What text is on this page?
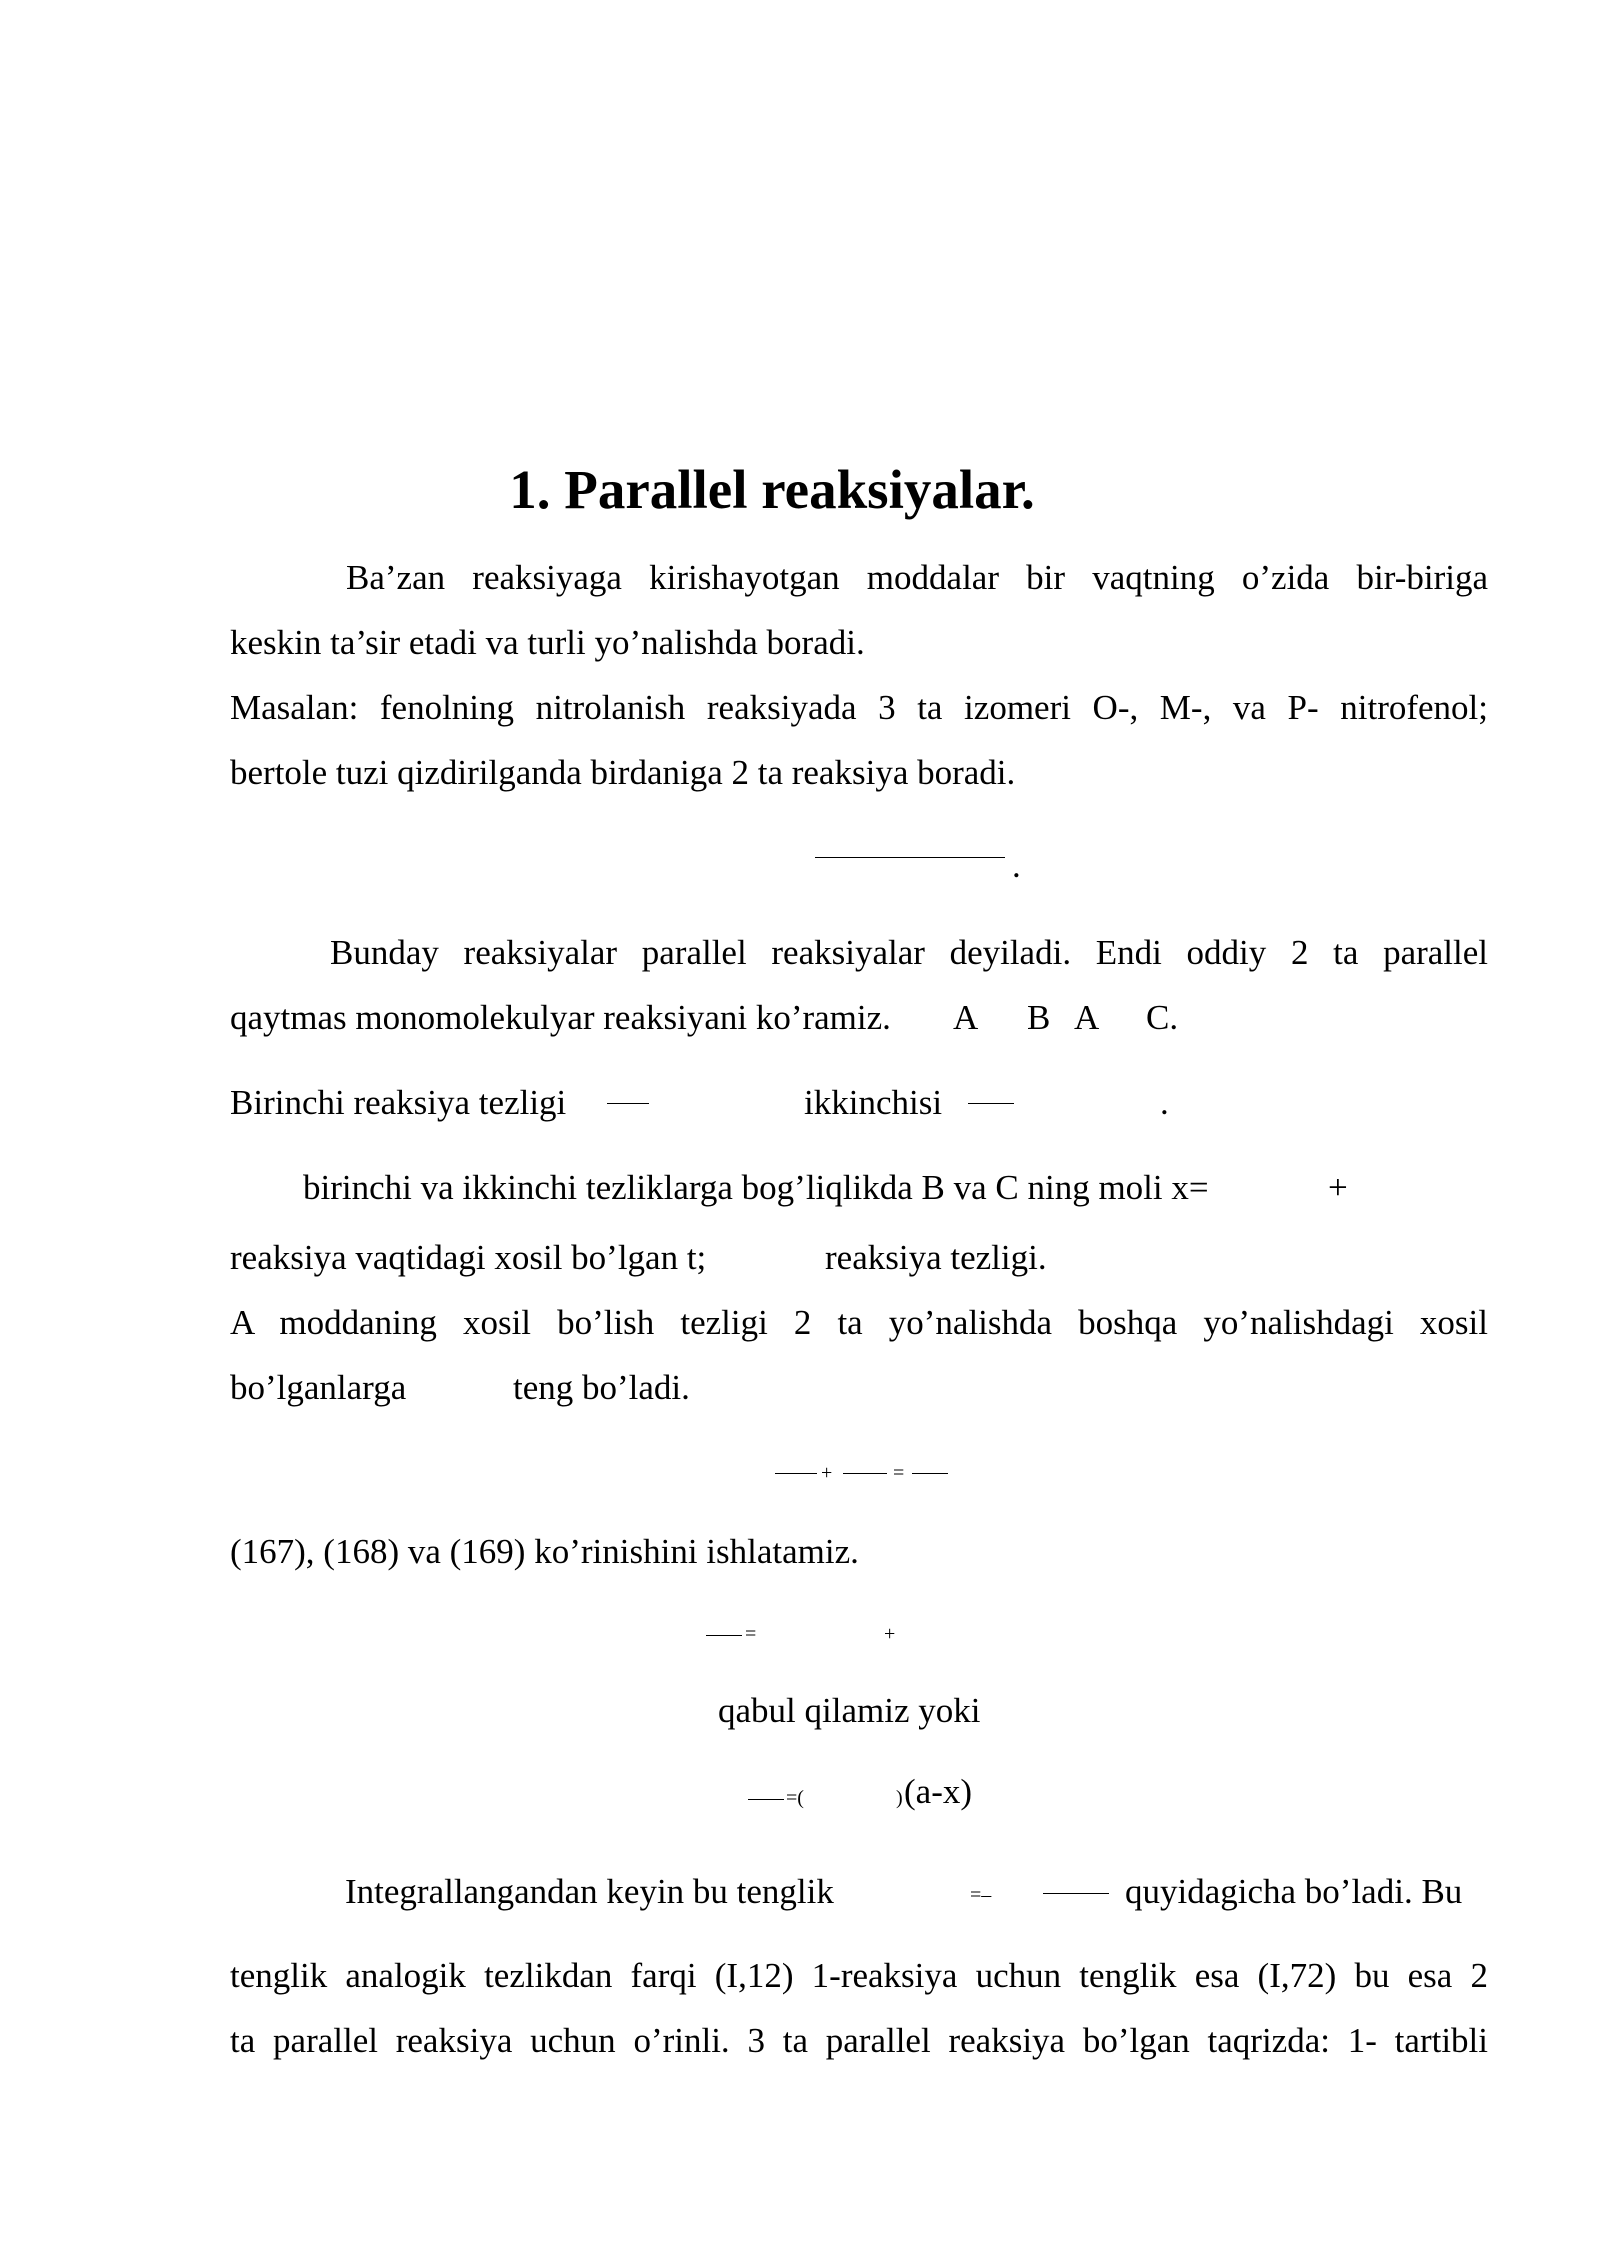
1. Parallel reaksiyalar.
Ba’zan reaksiyaga kirishayotgan moddalar bir vaqtning o’zida bir-biriga
keskin ta’sir etadi va turli yo’nalishda boradi.
Masalan: fenolning nitrolanish reaksiyada 3 ta izomeri O-, M-, va P- nitrofenol;
bertole tuzi qizdirilganda birdaniga 2 ta reaksiya boradi.
.
Bunday reaksiyalar parallel reaksiyalar deyiladi. Endi oddiy 2 ta parallel
qaytmas monomolekulyar reaksiyani ko’ramiz. A B A C.
Birinchi reaksiya tezligi	ikkinchisi	.
birinchi va ikkinchi tezliklarga bog’liqlikda B va C ning moli x=	+
reaksiya vaqtidagi xosil bo’lgan t;	reaksiya tezligi.
A moddaning xosil bo’lish tezligi 2 ta yo’nalishda boshqa yo’nalishdagi xosil
bo’lganlarga	teng bo’ladi.
+	=
(167), (168) va (169) ko’rinishini ishlatamiz.
=	+
qabul qilamiz yoki
=(	) (a-x)
Integrallangandan keyin bu tenglik	=–	quyidagicha bo’ladi. Bu
tenglik analogik tezlikdan farqi (I,12) 1-reaksiya uchun tenglik esa (I,72) bu esa 2
ta parallel reaksiya uchun o’rinli. 3 ta parallel reaksiya bo’lgan taqrizda: 1- tartibli
